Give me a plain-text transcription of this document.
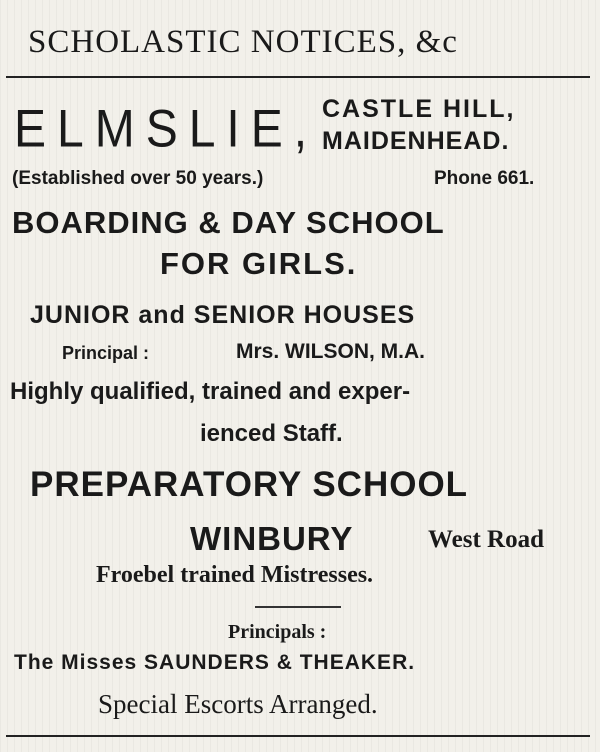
SCHOLASTIC NOTICES, &c
ELMSLIE, CASTLE HILL,
MAIDENHEAD.
(Established over 50 years.)	Phone 661.
BOARDING & DAY SCHOOL
FOR GIRLS.
JUNIOR and SENIOR HOUSES
Principal :	Mrs. WILSON, M.A.
Highly qualified, trained and exper-
ienced Staff.
PREPARATORY SCHOOL
WINBURY	West Road
Froebel trained Mistresses.
Principals :
The Misses SAUNDERS & THEAKER.
Special Escorts Arranged.
